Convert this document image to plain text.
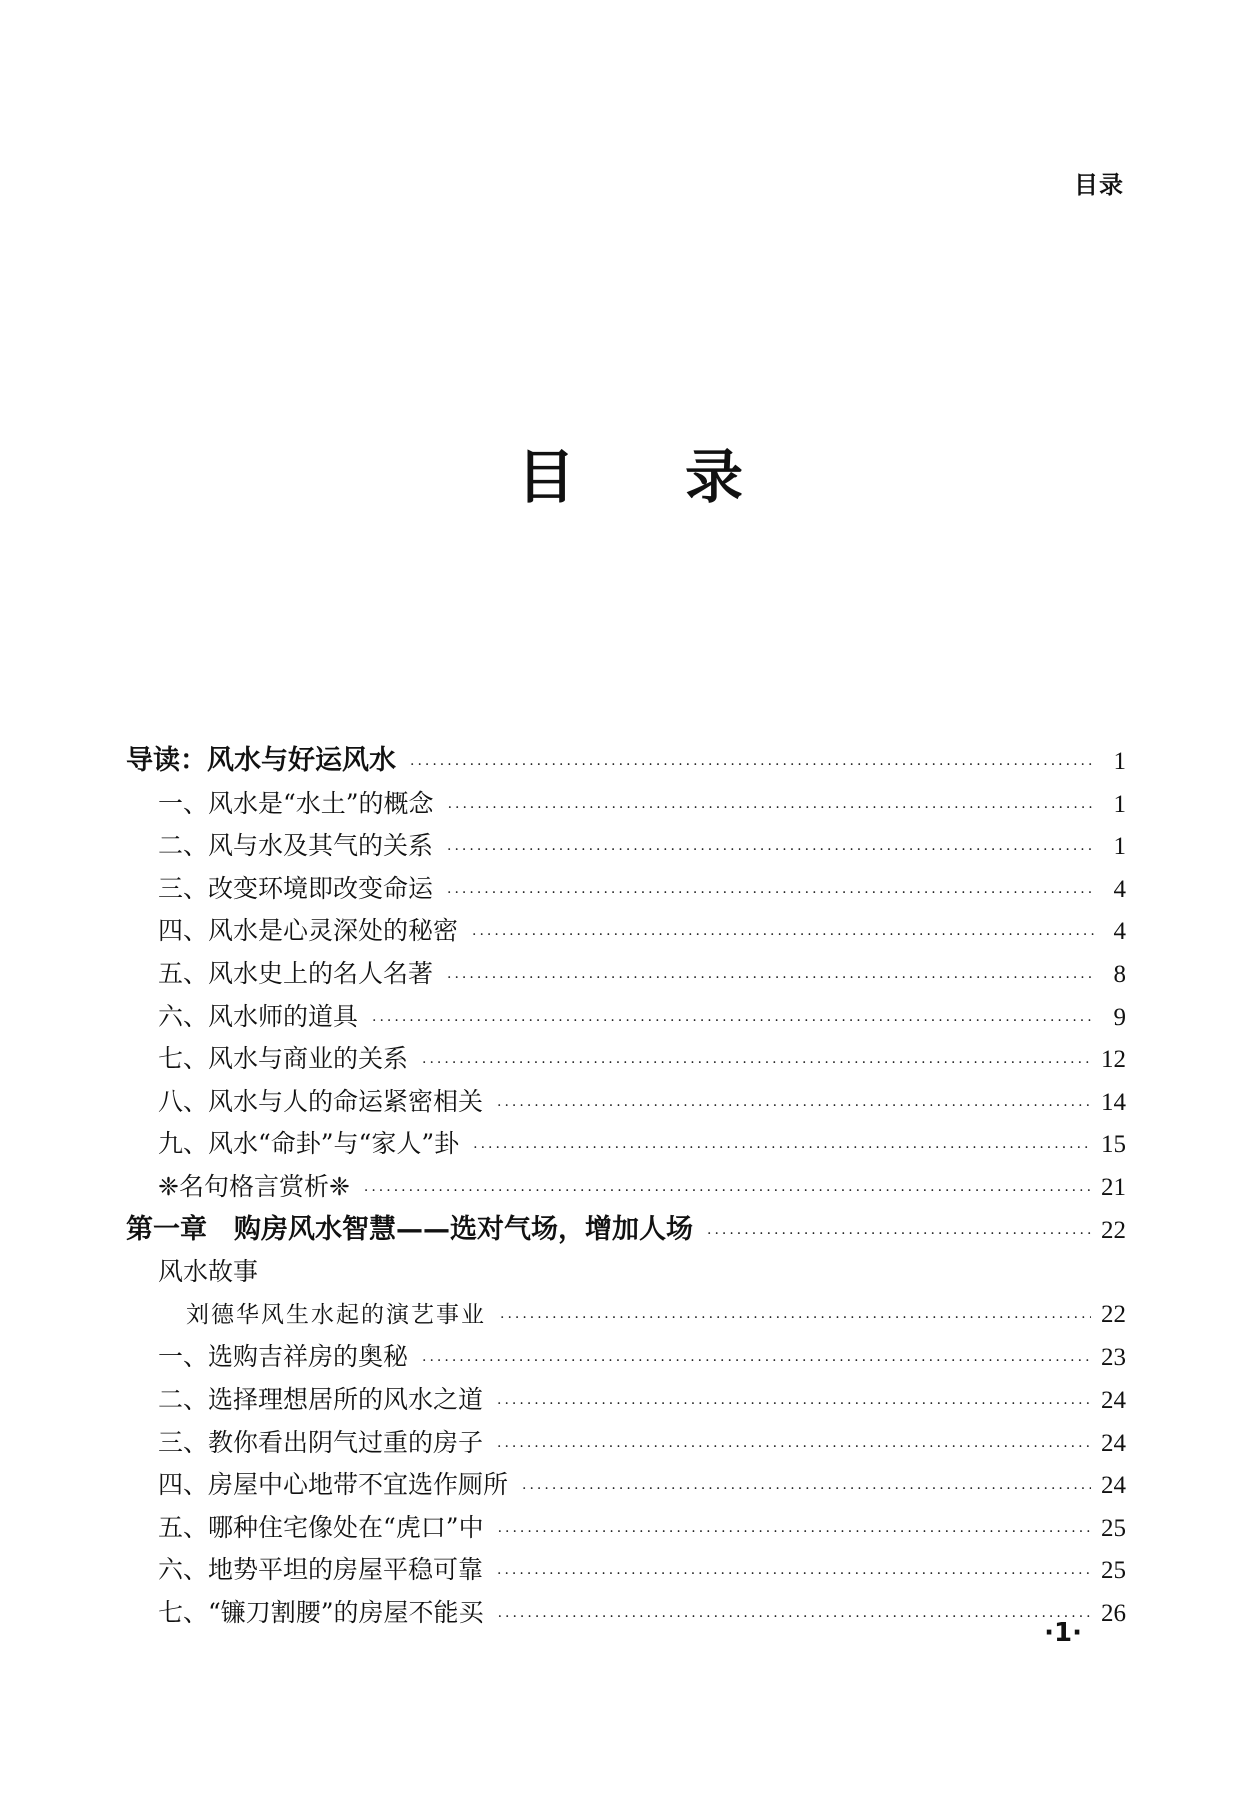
目录
目 录
导读：风水与好运风水 ·····	1
一、风水是“水土”的概念 ·····	1
二、风与水及其气的关系 ·····	1
三、改变环境即改变命运 ·····	4
四、风水是心灵深处的秘密 ·····	4
五、风水史上的名人名著 ·····	8
六、风水师的道具 ·····	9
七、风水与商业的关系 ·····	12
八、风水与人的命运紧密相关 ·····	14
九、风水“命卦”与“家人”卦 ·····	15
❈名句格言赏析❈ ·····	21
第一章　购房风水智慧——选对气场，增加人场 ·····	22
风水故事
刘德华风生水起的演艺事业 ·····	22
一、选购吉祥房的奥秘 ·····	23
二、选择理想居所的风水之道 ·····	24
三、教你看出阴气过重的房子 ·····	24
四、房屋中心地带不宜选作厕所 ·····	24
五、哪种住宅像处在“虎口”中 ·····	25
六、地势平坦的房屋平稳可靠 ·····	25
七、“镰刀割腰”的房屋不能买 ·····	26
·1·
